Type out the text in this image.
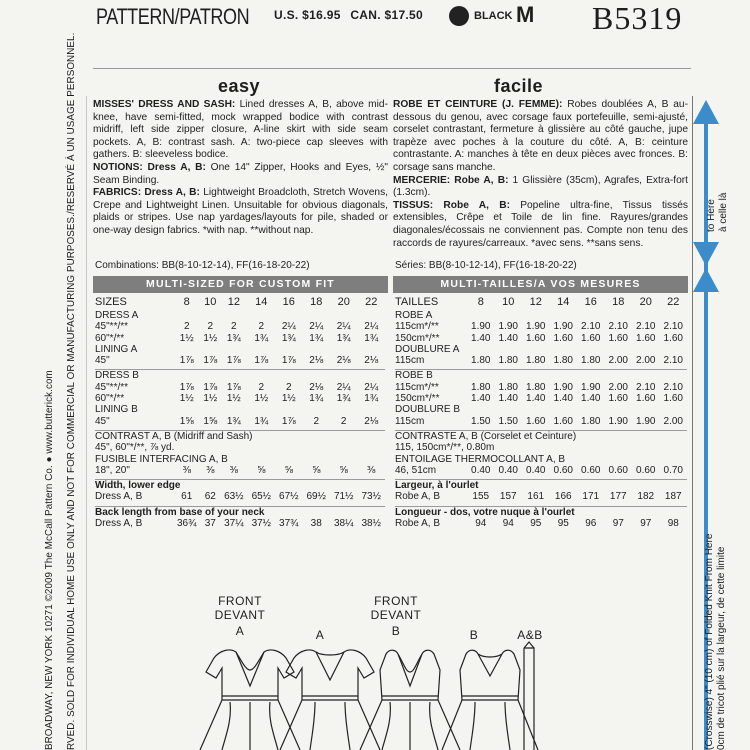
PATTERN/PATRON U.S. $16.95 CAN. $17.50	BLACK M B5319
RVED. SOLD FOR INDIVIDUAL HOME USE ONLY AND NOT FOR COMMERCIAL OR MANUFACTURING PURPOSES./RESERVÉ À UN USAGE PERSONNEL.
BROADWAY, NEW YORK 10271 ©2009 The McCall Pattern Co. ● www.butterick.com
easy	facile
MISSES' DRESS AND SASH: Lined dresses A, B, above mid-knee, have semi-fitted, mock wrapped bodice with contrast midriff, left side zipper closure, A-line skirt with side seam pockets. A, B: contrast sash. A: two-piece cap sleeves with gathers. B: sleeveless bodice.
NOTIONS: Dress A, B: One 14" Zipper, Hooks and Eyes, ½" Seam Binding.
FABRICS: Dress A, B: Lightweight Broadcloth, Stretch Wovens, Crepe and Lightweight Linen. Unsuitable for obvious diagonals, plaids or stripes. Use nap yardages/layouts for pile, shaded or one-way design fabrics. *with nap. **without nap.
ROBE ET CEINTURE (J. FEMME): Robes doublées A, B au-dessous du genou, avec corsage faux portefeuille, semi-ajusté, corselet contrastant, fermeture à glissière au côté gauche, jupe trapèze avec poches à la couture du côté. A, B: ceinture contrastante. A: manches à tête en deux pièces avec fronces. B: corsage sans manche.
MERCERIE: Robe A, B: 1 Glissière (35cm), Agrafes, Extra-fort (1.3cm).
TISSUS: Robe A, B: Popeline ultra-fine, Tissus tissés extensibles, Crêpe et Toile de lin fine. Rayures/grandes diagonales/écossais ne conviennent pas. Compte non tenu des raccords de rayures/carreaux. *avec sens. **sans sens.
Combinations: BB(8-10-12-14), FF(16-18-20-22)	Séries: BB(8-10-12-14), FF(16-18-20-22)
MULTI-SIZED FOR CUSTOM FIT	MULTI-TAILLES/A VOS MESURES
SIZES	8	10	12	14	16	18	20	22
DRESS A								
45"**/**	2	2	2	2	2¼	2¼	2¼	2¼
60"*/**	1½	1½	1¾	1¾	1¾	1¾	1¾	1¾
LINING A								
45"	1⅞	1⅞	1⅞	1⅞	1⅞	2⅛	2⅛	2⅛

DRESS B								
45"**/**	1⅞	1⅞	1⅞	2	2	2⅛	2¼	2¼
60"*/**	1½	1½	1½	1½	1½	1¾	1¾	1¾
LINING B								
45"	1⅝	1⅝	1¾	1¾	1⅞	2	2	2⅛

CONTRAST A, B (Midriff and Sash)								
45", 60"*/**, ⅞ yd.								
FUSIBLE INTERFACING A, B								
18", 20"	⅜	⅜	⅜	⅝	⅝	⅝	⅝	⅜

Width, lower edge								
Dress A, B	61	62	63½	65½	67½	69½	71½	73½

Back length from base of your neck								
Dress A, B	36¾	37	37¼	37½	37¾	38	38¼	38½
TAILLES	8	10	12	14	16	18	20	22
ROBE A								
115cm*/**	1.90	1.90	1.90	1.90	2.10	2.10	2.10	2.10
150cm*/**	1.40	1.40	1.60	1.60	1.60	1.60	1.60	1.60
DOUBLURE A								
115cm	1.80	1.80	1.80	1.80	1.80	2.00	2.00	2.10

ROBE B								
115cm*/**	1.80	1.80	1.80	1.90	1.90	2.00	2.10	2.10
150cm*/**	1.40	1.40	1.40	1.40	1.40	1.60	1.60	1.60
DOUBLURE B								
115cm	1.50	1.50	1.60	1.60	1.80	1.90	1.90	2.00

CONTRASTE A, B (Corselet et Ceinture)								
115, 150cm*/**, 0.80m								
ENTOILAGE THERMOCOLLANT A, B								
46, 51cm	0.40	0.40	0.40	0.60	0.60	0.60	0.60	0.70

Largeur, à l'ourlet								
Robe A, B	155	157	161	166	171	177	182	187

Longueur - dos, votre nuque à l'ourlet								
Robe A, B	94	94	95	95	96	97	97	98
to Here à celle là
(Crosswise) 4" (10 cm) of Folded Knit From Here 0cm de tricot plié sur la largeur, de cette limite
FRONT
DEVANT
A	A
FRONT
DEVANT
B	B	A&B
